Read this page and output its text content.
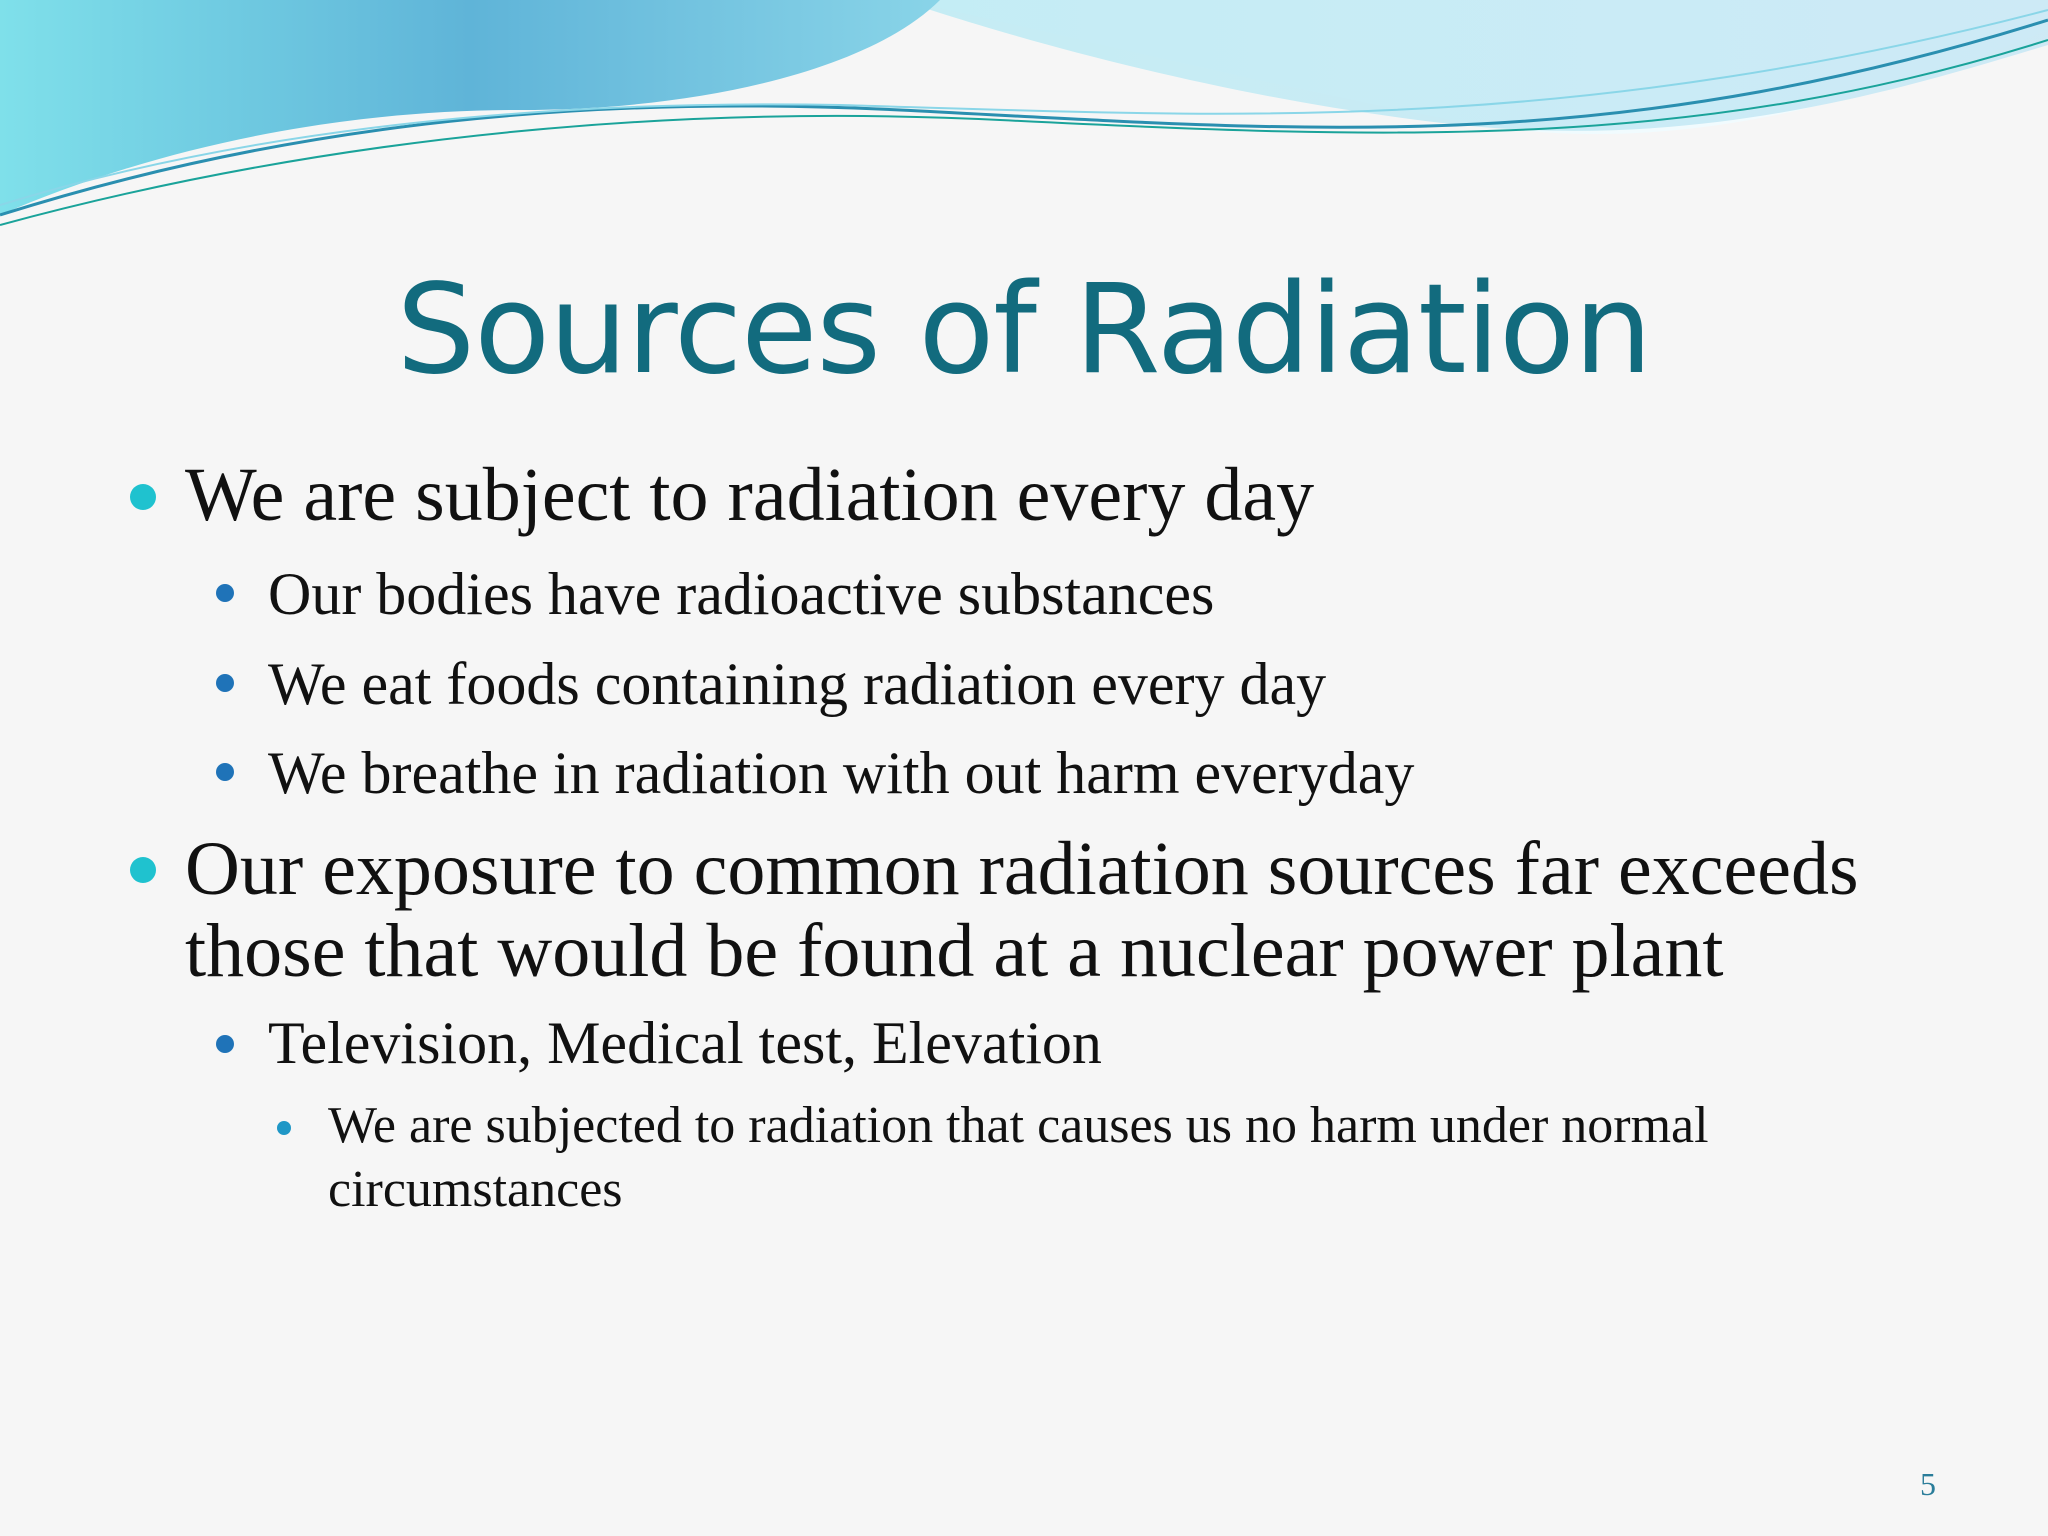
Sources of Radiation
We are subject to radiation every day
Our bodies have radioactive substances
We eat foods containing radiation every day
We breathe in radiation with out harm everyday
Our exposure to common radiation sources far exceeds
those that would be found at a nuclear power plant
Television, Medical test, Elevation
We are subjected to radiation that causes us no harm under normal
circumstances
5
